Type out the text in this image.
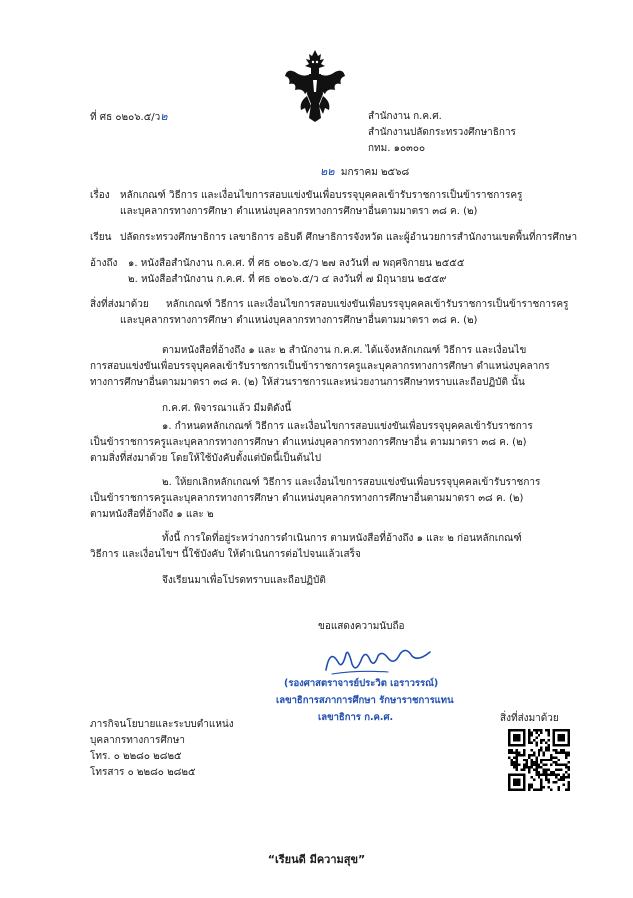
ที่ ศธ ๐๒๐๖.๕/ว๒	สำนักงาน ก.ค.ศ.
สำนักงานปลัดกระทรวงศึกษาธิการ
กทม. ๑๐๓๐๐
๒๒ มกราคม ๒๕๖๘
เรื่อง หลักเกณฑ์ วิธีการ และเงื่อนไขการสอบแข่งขันเพื่อบรรจุบุคคลเข้ารับราชการเป็นข้าราชการครู
และบุคลากรทางการศึกษา ตำแหน่งบุคลากรทางการศึกษาอื่นตามมาตรา ๓๘ ค. (๒)
เรียน ปลัดกระทรวงศึกษาธิการ เลขาธิการ อธิบดี ศึกษาธิการจังหวัด และผู้อำนวยการสำนักงานเขตพื้นที่การศึกษา
อ้างถึง ๑. หนังสือสำนักงาน ก.ค.ศ. ที่ ศธ ๐๒๐๖.๕/ว ๒๗ ลงวันที่ ๗ พฤศจิกายน ๒๕๕๕
๒. หนังสือสำนักงาน ก.ค.ศ. ที่ ศธ ๐๒๐๖.๕/ว ๔ ลงวันที่ ๗ มิถุนายน ๒๕๕๙
สิ่งที่ส่งมาด้วย หลักเกณฑ์ วิธีการ และเงื่อนไขการสอบแข่งขันเพื่อบรรจุบุคคลเข้ารับราชการเป็นข้าราชการครู
และบุคลากรทางการศึกษา ตำแหน่งบุคลากรทางการศึกษาอื่นตามมาตรา ๓๘ ค. (๒)
ตามหนังสือที่อ้างถึง ๑ และ ๒ สำนักงาน ก.ค.ศ. ได้แจ้งหลักเกณฑ์ วิธีการ และเงื่อนไข
การสอบแข่งขันเพื่อบรรจุบุคคลเข้ารับราชการเป็นข้าราชการครูและบุคลากรทางการศึกษา ตำแหน่งบุคลากร
ทางการศึกษาอื่นตามมาตรา ๓๘ ค. (๒) ให้ส่วนราชการและหน่วยงานการศึกษาทราบและถือปฏิบัติ นั้น
ก.ค.ศ. พิจารณาแล้ว มีมติดังนี้
๑. กำหนดหลักเกณฑ์ วิธีการ และเงื่อนไขการสอบแข่งขันเพื่อบรรจุบุคคลเข้ารับราชการ
เป็นข้าราชการครูและบุคลากรทางการศึกษา ตำแหน่งบุคลากรทางการศึกษาอื่น ตามมาตรา ๓๘ ค. (๒)
ตามสิ่งที่ส่งมาด้วย โดยให้ใช้บังคับตั้งแต่บัดนี้เป็นต้นไป
๒. ให้ยกเลิกหลักเกณฑ์ วิธีการ และเงื่อนไขการสอบแข่งขันเพื่อบรรจุบุคคลเข้ารับราชการ
เป็นข้าราชการครูและบุคลากรทางการศึกษา ตำแหน่งบุคลากรทางการศึกษาอื่นตามมาตรา ๓๘ ค. (๒)
ตามหนังสือที่อ้างถึง ๑ และ ๒
ทั้งนี้ การใดที่อยู่ระหว่างการดำเนินการ ตามหนังสือที่อ้างถึง ๑ และ ๒ ก่อนหลักเกณฑ์
วิธีการ และเงื่อนไขฯ นี้ใช้บังคับ ให้ดำเนินการต่อไปจนแล้วเสร็จ
จึงเรียนมาเพื่อโปรดทราบและถือปฏิบัติ
ขอแสดงความนับถือ
(รองศาสตราจารย์ประวิต เอราวรรณ์)
เลขาธิการสภาการศึกษา รักษาราชการแทน
เลขาธิการ ก.ค.ศ.
ภารกิจนโยบายและระบบตำแหน่ง
บุคลากรทางการศึกษา
โทร. ๐ ๒๒๘๐ ๒๘๒๕
โทรสาร ๐ ๒๒๘๐ ๒๘๒๕
สิ่งที่ส่งมาด้วย
“เรียนดี มีความสุข”
